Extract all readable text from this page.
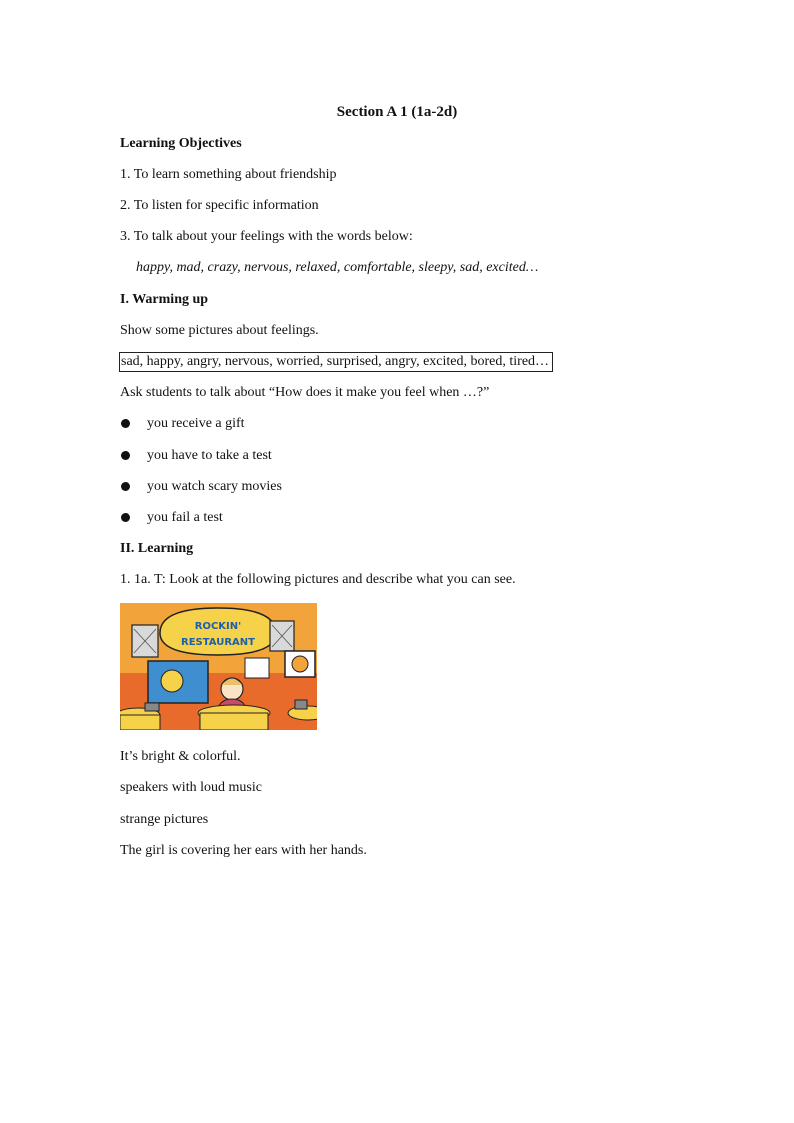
Section A 1 (1a-2d)
Learning Objectives
1. To learn something about friendship
2. To listen for specific information
3. To talk about your feelings with the words below:
happy, mad, crazy, nervous, relaxed, comfortable, sleepy, sad, excited…
I. Warming up
Show some pictures about feelings.
sad, happy, angry, nervous, worried, surprised, angry, excited, bored, tired…
Ask students to talk about “How does it make you feel when …?”
you receive a gift
you have to take a test
you watch scary movies
you fail a test
II. Learning
1. 1a. T: Look at the following pictures and describe what you can see.
ROCKIN'
RESTAURANT
It’s bright & colorful.
speakers with loud music
strange pictures
The girl is covering her ears with her hands.
